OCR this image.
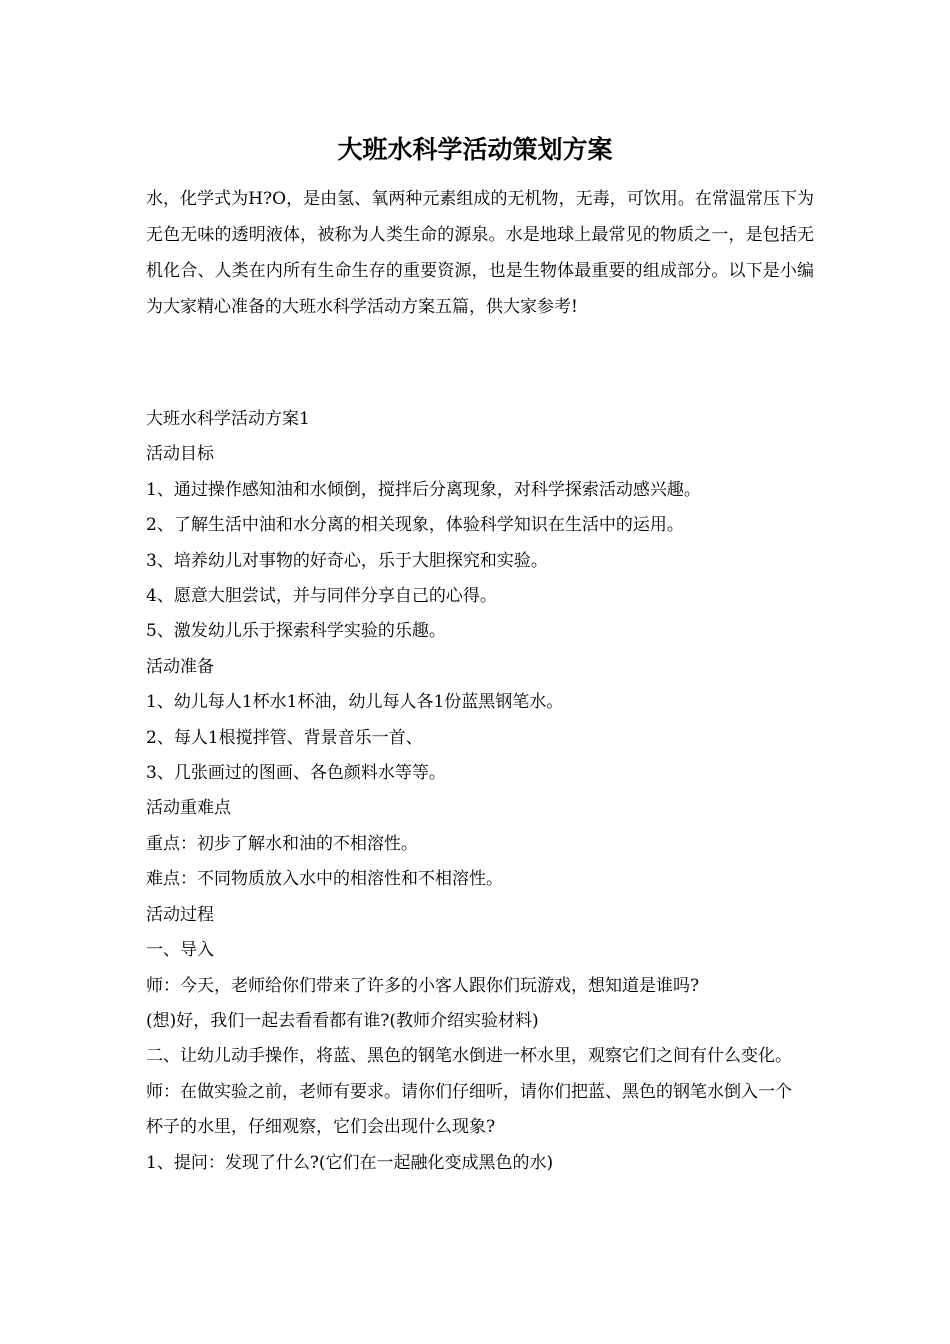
大班水科学活动策划方案

水，化学式为H?O，是由氢、氧两种元素组成的无机物，无毒，可饮用。在常温常压下为无色无味的透明液体，被称为人类生命的源泉。水是地球上最常见的物质之一，是包括无机化合、人类在内所有生命生存的重要资源，也是生物体最重要的组成部分。以下是小编为大家精心准备的大班水科学活动方案五篇，供大家参考!

大班水科学活动方案1

活动目标

1、通过操作感知油和水倾倒，搅拌后分离现象，对科学探索活动感兴趣。

2、了解生活中油和水分离的相关现象，体验科学知识在生活中的运用。

3、培养幼儿对事物的好奇心，乐于大胆探究和实验。

4、愿意大胆尝试，并与同伴分享自己的心得。

5、激发幼儿乐于探索科学实验的乐趣。

活动准备

1、幼儿每人1杯水1杯油，幼儿每人各1份蓝黑钢笔水。

2、每人1根搅拌管、背景音乐一首、

3、几张画过的图画、各色颜料水等等。

活动重难点

重点：初步了解水和油的不相溶性。

难点：不同物质放入水中的相溶性和不相溶性。

活动过程

一、导入

师：今天，老师给你们带来了许多的小客人跟你们玩游戏，想知道是谁吗?

(想)好，我们一起去看看都有谁?(教师介绍实验材料)

二、让幼儿动手操作，将蓝、黑色的钢笔水倒进一杯水里，观察它们之间有什么变化。

师：在做实验之前，老师有要求。请你们仔细听，请你们把蓝、黑色的钢笔水倒入一个杯子的水里，仔细观察，它们会出现什么现象?

1、提问：发现了什么?(它们在一起融化变成黑色的水)
